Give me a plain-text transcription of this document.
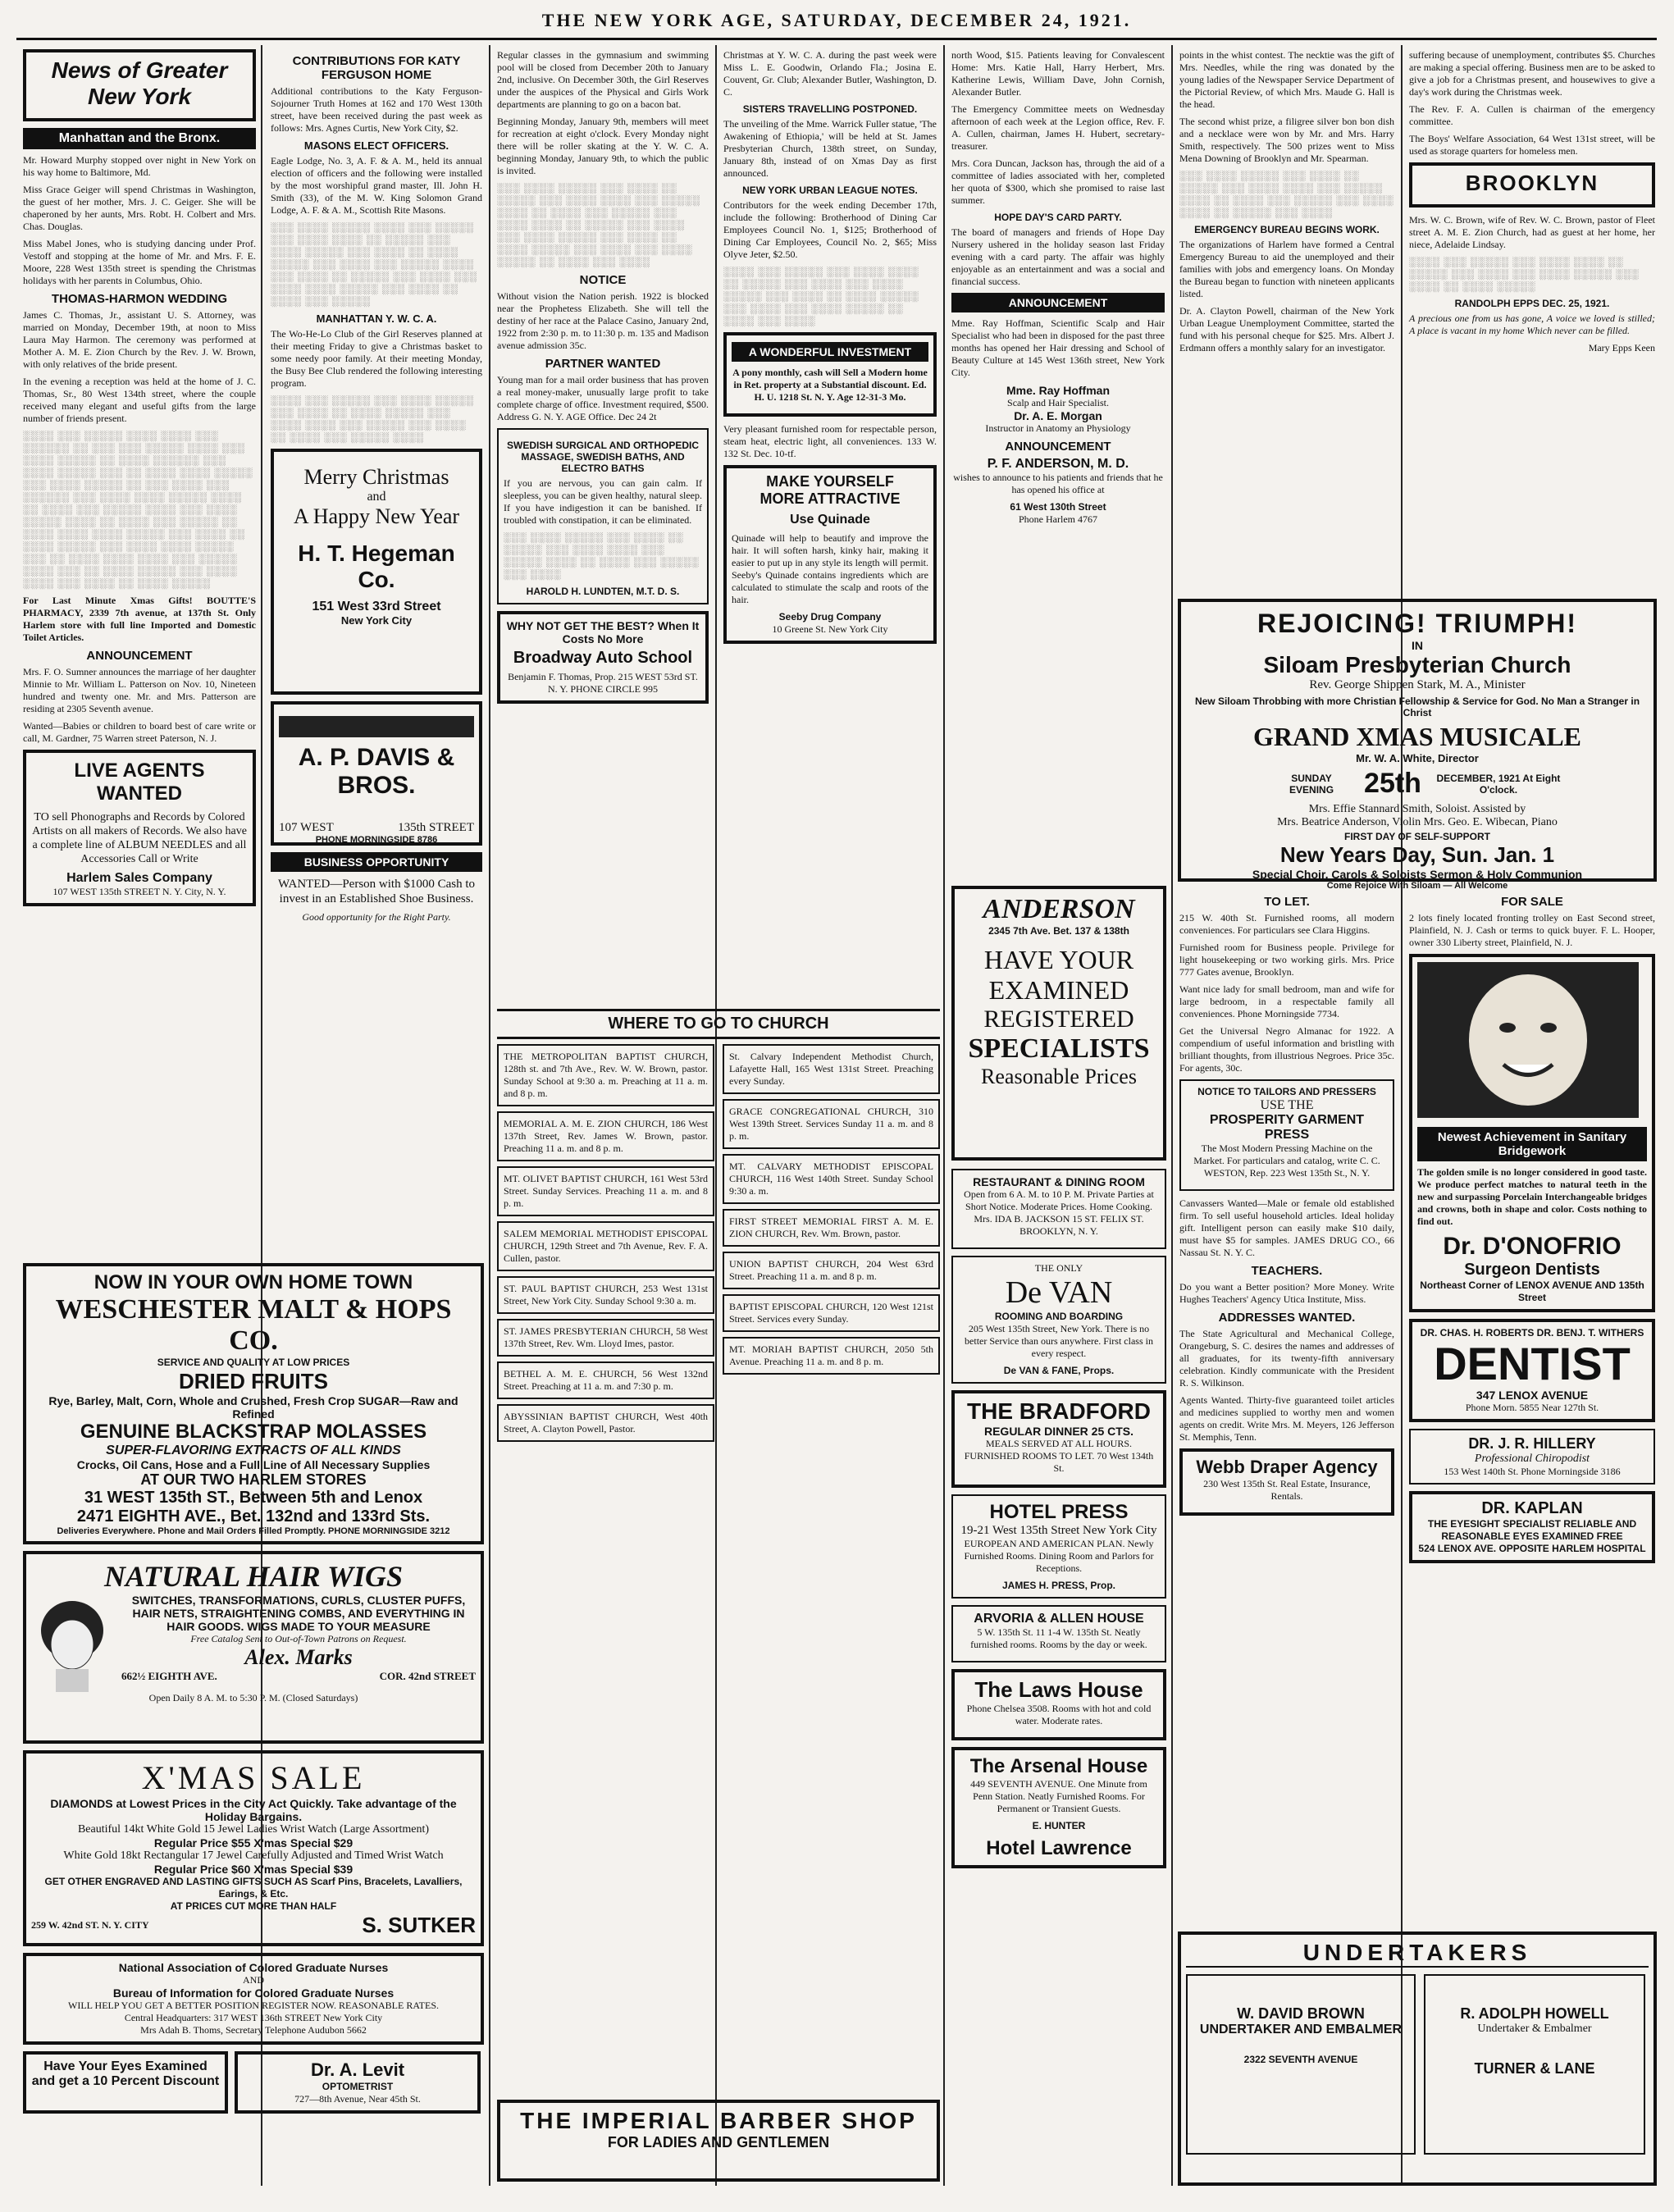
THE NEW YORK AGE, SATURDAY, DECEMBER 24, 1921.
News of Greater New York
Manhattan and the Bronx.

Mr. Howard Murphy stopped over night in New York on his way home to Baltimore, Md.

Miss Grace Geiger will spend Christmas in Washington, the guest of her mother, Mrs. J. C. Geiger. She will be chaperoned by her aunts, Mrs. Robt. H. Colbert and Mrs. Chas. Douglas.

Miss Mabel Jones, who is studying dancing under Prof. Vestoff and stopping at the home of Mr. and Mrs. F. E. Moore, 228 West 135th street is spending the Christmas holidays with her parents in Columbus, Ohio.

THOMAS-HARMON WEDDING

James C. Thomas, Jr., assistant U. S. Attorney, was married on Monday, December 19th, at noon to Miss Laura May Harmon. The ceremony was performed at Mother A. M. E. Zion Church by the Rev. J. W. Brown, with only relatives of the bride present.

In the evening a reception was held at the home of J. C. Thomas, Sr., 80 West 134th street, where the couple received many elegant and useful gifts from the large number of friends present.

░░░░ ░░░ ░░░░░ ░░░░ ░░░░ ░░░ ░░░░░░ ░░ ░░░ ░░░ ░░░░░ ░░░░ ░░░ ░░░░ ░░░░░ ░░ ░░░░ ░░░░░░ ░░░ ░░░░ ░░░░░ ░░░ ░░ ░░░░ ░░░░ ░░░░░ ░░░ ░░░░ ░░░░░ ░░ ░░░ ░░░░ ░░░ ░░░░░░ ░░░ ░░░░ ░░░░ ░░░░░ ░░░░ ░░ ░░░░ ░░░ ░░░░░ ░░░░ ░░░ ░░░░ ░░░░░ ░░░░ ░░ ░░░░ ░░░ ░░░░░ ░░ ░░░░ ░░░░ ░░░░ ░░░░░ ░░░ ░░░░ ░░ ░░░░ ░░░░░ ░░░ ░░░░ ░░░░ ░░░░░ ░░░ ░░ ░░░░ ░░░░ ░░░░ ░░░ ░░░░░ ░░░░ ░░░ ░░ ░░░░ ░░░░░ ░░░ ░░░░ ░░░░ ░░░ ░░░░ ░░ ░░░░ ░░░░░

For Last Minute Xmas Gifts! BOUTTE'S PHARMACY, 2339 7th avenue, at 137th St. Only Harlem store with full line Imported and Domestic Toilet Articles.

ANNOUNCEMENT

Mrs. F. O. Sumner announces the marriage of her daughter Minnie to Mr. William L. Patterson on Nov. 10, Nineteen hundred and twenty one. Mr. and Mrs. Patterson are residing at 2305 Seventh avenue.

Wanted—Babies or children to board best of care write or call, M. Gardner, 75 Warren street Paterson, N. J.

LIVE AGENTS WANTED

TO sell Phonographs and Records by Colored Artists on all makers of Records. We also have a complete line of ALBUM NEEDLES and all Accessories Call or Write

Harlem Sales Company
107 WEST 135th STREET N. Y. City, N. Y.
CONTRIBUTIONS FOR KATY FERGUSON HOME

Additional contributions to the Katy Ferguson-Sojourner Truth Homes at 162 and 170 West 130th street, have been received during the past week as follows: Mrs. Agnes Curtis, New York City, $2.

MASONS ELECT OFFICERS.

Eagle Lodge, No. 3, A. F. & A. M., held its annual election of officers and the following were installed by the most worshipful grand master, Ill. John H. Smith (33), of the M. W. King Solomon Grand Lodge, A. F. & A. M., Scottish Rite Masons.

░░░ ░░░░ ░░░░░ ░░░░ ░░░ ░░░░░ ░░░ ░░░░ ░░░░ ░░ ░░░░░ ░░░ ░░░░ ░░░░░ ░░░ ░░░░ ░░ ░░░░ ░░░░░ ░░░ ░░░░ ░░░ ░░░░░ ░░░░ ░░░ ░░░░ ░░ ░░░░░ ░░░ ░░░░ ░░░ ░░░░ ░░░░ ░░░░░ ░░░ ░░░░ ░░ ░░░░ ░░░ ░░░░░
MANHATTAN Y. W. C. A.

The Wo-He-Lo Club of the Girl Reserves planned at their meeting Friday to give a Christmas basket to some needy poor family. At their meeting Monday, the Busy Bee Club rendered the following interesting program.

░░░░ ░░░ ░░░░░ ░░░ ░░░░ ░░░░░ ░░░ ░░░░ ░░ ░░░░ ░░░░░ ░░░ ░░░░ ░░░░ ░░░ ░░░░░ ░░░ ░░░░ ░░ ░░░░ ░░░ ░░░░░ ░░░░
Merry Christmas
and
A Happy New Year
H. T. Hegeman Co.
151 West 33rd Street
New York City
A. P. DAVIS & BROS.
107 WEST	135th STREET
PHONE MORNINGSIDE 8786
BUSINESS OPPORTUNITY

WANTED—Person with $1000 Cash to invest in an Established Shoe Business.

Good opportunity for the Right Party.

Regular classes in the gymnasium and swimming pool will be closed from December 20th to January 2nd, inclusive. On December 30th, the Girl Reserves under the auspices of the Physical and Girls Work departments are planning to go on a bacon bat.

Beginning Monday, January 9th, members will meet for recreation at eight o'clock. Every Monday night there will be roller skating at the Y. W. C. A. beginning Monday, January 9th, to which the public is invited.

░░░ ░░░░ ░░░░░ ░░░ ░░░░ ░░ ░░░░░ ░░░ ░░░░ ░░░░ ░░░ ░░░░░ ░░░░ ░░ ░░░░ ░░░ ░░░░░ ░░░ ░░░░ ░░░░ ░░ ░░░░░ ░░░ ░░░░ ░░░ ░░░░ ░░░░░ ░░░ ░░░░ ░░ ░░░░ ░░░░░ ░░░ ░░░░ ░░░ ░░░░ ░░░░░ ░░ ░░░░ ░░░ ░░░░
NOTICE

Without vision the Nation perish. 1922 is blocked near the Prophetess Elizabeth. She will tell the destiny of her race at the Palace Casino, January 2nd, 1922 from 2:30 p. m. to 11:30 p. m. 135 and Madison avenue admission 35c.

PARTNER WANTED

Young man for a mail order business that has proven a real money-maker, unusually large profit to take complete charge of office. Investment required, $500. Address G. N. Y. AGE Office. Dec 24 2t

SWEDISH SURGICAL AND ORTHOPEDIC MASSAGE, SWEDISH BATHS, AND ELECTRO BATHS

If you are nervous, you can gain calm. If sleepless, you can be given healthy, natural sleep. If you have indigestion it can be banished. If troubled with constipation, it can be eliminated.

░░░ ░░░░ ░░░░░ ░░░ ░░░░ ░░ ░░░░░ ░░░ ░░░░ ░░░░ ░░░ ░░░░░ ░░░░ ░░ ░░░░ ░░░ ░░░░░ ░░░ ░░░░
HAROLD H. LUNDTEN, M.T. D. S.
WHY NOT GET THE BEST? When It Costs No More
Broadway Auto School
Benjamin F. Thomas, Prop. 215 WEST 53rd ST. N. Y. PHONE CIRCLE 995

Christmas at Y. W. C. A. during the past week were Miss L. E. Goodwin, Orlando Fla.; Josina E. Couvent, Gr. Club; Alexander Butler, Washington, D. C.

SISTERS TRAVELLING POSTPONED.

The unveiling of the Mme. Warrick Fuller statue, 'The Awakening of Ethiopia,' will be held at St. James Presbyterian Church, 138th street, on Sunday, January 8th, instead of on Xmas Day as first announced.

NEW YORK URBAN LEAGUE NOTES.

Contributors for the week ending December 17th, include the following: Brotherhood of Dining Car Employees Council No. 1, $125; Brotherhood of Dining Car Employees, Council No. 2, $65; Miss Olyve Jeter, $2.50.

░░░░ ░░░ ░░░░░ ░░░ ░░░░ ░░░░ ░░ ░░░░░ ░░░ ░░░░ ░░░ ░░░░ ░░░░░ ░░░ ░░░░ ░░ ░░░░ ░░░░░ ░░░ ░░░░ ░░░ ░░░░ ░░░░░ ░░ ░░░░ ░░░ ░░░░
A WONDERFUL INVESTMENT

A pony monthly, cash will Sell a Modern home in Ret. property at a Substantial discount. Ed. H. U. 1218 St. N. Y. Age 12-31-3 Mo.

Very pleasant furnished room for respectable person, steam heat, electric light, all conveniences. 133 W. 132 St. Dec. 10-tf.

MAKE YOURSELF
MORE ATTRACTIVE
Use Quinade

Quinade will help to beautify and improve the hair. It will soften harsh, kinky hair, making it easier to put up in any style its length will permit. Seeby's Quinade contains ingredients which are calculated to stimulate the scalp and roots of the hair.

Seeby Drug Company
10 Greene St. New York City

north Wood, $15. Patients leaving for Convalescent Home: Mrs. Katie Hall, Harry Herbert, Mrs. Katherine Lewis, William Dave, John Cornish, Alexander Butler.

The Emergency Committee meets on Wednesday afternoon of each week at the Legion office, Rev. F. A. Cullen, chairman, James H. Hubert, secretary-treasurer.

Mrs. Cora Duncan, Jackson has, through the aid of a committee of ladies associated with her, completed her quota of $300, which she promised to raise last summer.

HOPE DAY'S CARD PARTY.

The board of managers and friends of Hope Day Nursery ushered in the holiday season last Friday evening with a card party. The affair was highly enjoyable as an entertainment and was a social and financial success.

ANNOUNCEMENT

Mme. Ray Hoffman, Scientific Scalp and Hair Specialist who had been in disposed for the past three months has opened her Hair dressing and School of Beauty Culture at 145 West 136th street, New York City.

Mme. Ray Hoffman
Scalp and Hair Specialist.
Dr. A. E. Morgan
Instructor in Anatomy an Physiology
ANNOUNCEMENT
P. F. ANDERSON, M. D.

wishes to announce to his patients and friends that he has opened his office at

61 West 130th Street
Phone Harlem 4767

points in the whist contest. The necktie was the gift of Mrs. Needles, while the ring was donated by the young ladies of the Newspaper Service Department of the Pictorial Review, of which Mrs. Maude G. Hall is the head.

The second whist prize, a filigree silver bon bon dish and a necklace were won by Mr. and Mrs. Harry Smith, respectively. The 500 prizes went to Miss Mena Downing of Brooklyn and Mr. Spearman.

░░░ ░░░░ ░░░░░ ░░░ ░░░░ ░░ ░░░░░ ░░░ ░░░░ ░░░░ ░░░ ░░░░░ ░░░░ ░░ ░░░░ ░░░ ░░░░░ ░░░ ░░░░ ░░░░ ░░ ░░░░░ ░░░ ░░░░
EMERGENCY BUREAU BEGINS WORK.

The organizations of Harlem have formed a Central Emergency Bureau to aid the unemployed and their families with jobs and emergency loans. On Monday the Bureau began to function with nineteen applicants listed.

Dr. A. Clayton Powell, chairman of the New York Urban League Unemployment Committee, started the fund with his personal cheque for $25. Mrs. Albert J. Erdmann offers a monthly salary for an investigator.

suffering because of unemployment, contributes $5. Churches are making a special offering. Business men are to be asked to give a job for a Christmas present, and housewives to give a day's work during the Christmas week.

The Rev. F. A. Cullen is chairman of the emergency committee.

The Boys' Welfare Association, 64 West 131st street, will be used as storage quarters for homeless men.

BROOKLYN

Mrs. W. C. Brown, wife of Rev. W. C. Brown, pastor of Fleet street A. M. E. Zion Church, had as guest at her home, her niece, Adelaide Lindsay.

░░░░ ░░░ ░░░░░ ░░░ ░░░░ ░░░░ ░░ ░░░░░ ░░░ ░░░░ ░░░ ░░░░ ░░░░░ ░░░ ░░░░ ░░ ░░░░ ░░░░░
RANDOLPH EPPS DEC. 25, 1921.

A precious one from us has gone, A voice we loved is stilled; A place is vacant in my home Which never can be filled.

Mary Epps Keen
REJOICING! TRIUMPH!
IN
Siloam Presbyterian Church
Rev. George Shippen Stark, M. A., Minister
New Siloam Throbbing with more Christian Fellowship & Service for God. No Man a Stranger in Christ
GRAND XMAS MUSICALE
Mr. W. A. White, Director
SUNDAY EVENING	25th	DECEMBER, 1921 At Eight O'clock.
Mrs. Effie Stannard Smith, Soloist. Assisted by
Mrs. Beatrice Anderson, Violin Mrs. Geo. E. Wibecan, Piano
FIRST DAY OF SELF-SUPPORT
New Years Day, Sun. Jan. 1
Special Choir, Carols & Soloists Sermon & Holy Communion
Come Rejoice With Siloam — All Welcome
ANDERSON
2345 7th Ave. Bet. 137 & 138th
HAVE YOUR
EXAMINED
REGISTERED
SPECIALISTS
Reasonable Prices
WHERE TO GO TO CHURCH

THE METROPOLITAN BAPTIST CHURCH, 128th st. and 7th Ave., Rev. W. W. Brown, pastor. Sunday School at 9:30 a. m. Preaching at 11 a. m. and 8 p. m.

MEMORIAL A. M. E. ZION CHURCH, 186 West 137th Street, Rev. James W. Brown, pastor. Preaching 11 a. m. and 8 p. m.

MT. OLIVET BAPTIST CHURCH, 161 West 53rd Street. Sunday Services. Preaching 11 a. m. and 8 p. m.

SALEM MEMORIAL METHODIST EPISCOPAL CHURCH, 129th Street and 7th Avenue, Rev. F. A. Cullen, pastor.

ST. PAUL BAPTIST CHURCH, 253 West 131st Street, New York City. Sunday School 9:30 a. m.

ST. JAMES PRESBYTERIAN CHURCH, 58 West 137th Street, Rev. Wm. Lloyd Imes, pastor.

BETHEL A. M. E. CHURCH, 56 West 132nd Street. Preaching at 11 a. m. and 7:30 p. m.

ABYSSINIAN BAPTIST CHURCH, West 40th Street, A. Clayton Powell, Pastor.

St. Calvary Independent Methodist Church, Lafayette Hall, 165 West 131st Street. Preaching every Sunday.

GRACE CONGREGATIONAL CHURCH, 310 West 139th Street. Services Sunday 11 a. m. and 8 p. m.

MT. CALVARY METHODIST EPISCOPAL CHURCH, 116 West 140th Street. Sunday School 9:30 a. m.

FIRST STREET MEMORIAL FIRST A. M. E. ZION CHURCH, Rev. Wm. Brown, pastor.

UNION BAPTIST CHURCH, 204 West 63rd Street. Preaching 11 a. m. and 8 p. m.

BAPTIST EPISCOPAL CHURCH, 120 West 121st Street. Services every Sunday.

MT. MORIAH BAPTIST CHURCH, 2050 5th Avenue. Preaching 11 a. m. and 8 p. m.

RESTAURANT & DINING ROOM

Open from 6 A. M. to 10 P. M. Private Parties at Short Notice. Moderate Prices. Home Cooking. Mrs. IDA B. JACKSON 15 ST. FELIX ST. BROOKLYN, N. Y.

THE ONLY
De VAN
ROOMING AND BOARDING

205 West 135th Street, New York. There is no better Service than ours anywhere. First class in every respect.

De VAN & FANE, Props.
THE BRADFORD
REGULAR DINNER 25 CTS.

MEALS SERVED AT ALL HOURS. FURNISHED ROOMS TO LET. 70 West 134th St.

HOTEL PRESS
19-21 West 135th Street New York City

EUROPEAN AND AMERICAN PLAN. Newly Furnished Rooms. Dining Room and Parlors for Receptions.

JAMES H. PRESS, Prop.
ARVORIA & ALLEN HOUSE

5 W. 135th St. 11 1-4 W. 135th St. Neatly furnished rooms. Rooms by the day or week.

The Laws House

Phone Chelsea 3508. Rooms with hot and cold water. Moderate rates.

The Arsenal House

449 SEVENTH AVENUE. One Minute from Penn Station. Neatly Furnished Rooms. For Permanent or Transient Guests.

E. HUNTER
Hotel Lawrence
TO LET.

215 W. 40th St. Furnished rooms, all modern conveniences. For particulars see Clara Higgins.

Furnished room for Business people. Privilege for light housekeeping or two working girls. Mrs. Price 777 Gates avenue, Brooklyn.

Want nice lady for small bedroom, man and wife for large bedroom, in a respectable family all conveniences. Phone Morningside 7734.

Get the Universal Negro Almanac for 1922. A compendium of useful information and bristling with brilliant thoughts, from illustrious Negroes. Price 35c. For agents, 30c.

NOTICE TO TAILORS AND PRESSERS
USE THE
PROSPERITY GARMENT PRESS

The Most Modern Pressing Machine on the Market. For particulars and catalog, write C. C. WESTON, Rep. 223 West 135th St., N. Y.

Canvassers Wanted—Male or female old established firm. To sell useful household articles. Ideal holiday gift. Intelligent person can easily make $10 daily, must have $5 for samples. JAMES DRUG CO., 66 Nassau St. N. Y. C.

TEACHERS.

Do you want a Better position? More Money. Write Hughes Teachers' Agency Utica Institute, Miss.

ADDRESSES WANTED.

The State Agricultural and Mechanical College, Orangeburg, S. C. desires the names and addresses of all graduates, for its twenty-fifth anniversary celebration. Kindly communicate with the President R. S. Wilkinson.

Agents Wanted. Thirty-five guaranteed toilet articles and medicines supplied to worthy men and women agents on credit. Write Mrs. M. Meyers, 126 Jefferson St. Memphis, Tenn.

Webb Draper Agency

230 West 135th St. Real Estate, Insurance, Rentals.

FOR SALE

2 lots finely located fronting trolley on East Second street, Plainfield, N. J. Cash or terms to quick buyer. F. L. Hooper, owner 330 Liberty street, Plainfield, N. J.

Newest Achievement in Sanitary Bridgework

The golden smile is no longer considered in good taste. We produce perfect matches to natural teeth in the new and surpassing Porcelain Interchangeable bridges and crowns, both in shape and color. Costs nothing to find out.

Dr. D'ONOFRIO
Surgeon Dentists
Northeast Corner of LENOX AVENUE AND 135th Street
DR. CHAS. H. ROBERTS DR. BENJ. T. WITHERS
DENTIST
347 LENOX AVENUE
Phone Morn. 5855 Near 127th St.
DR. J. R. HILLERY
Professional Chiropodist
153 West 140th St. Phone Morningside 3186
DR. KAPLAN
THE EYESIGHT SPECIALIST RELIABLE AND REASONABLE EYES EXAMINED FREE
524 LENOX AVE. OPPOSITE HARLEM HOSPITAL
UNDERTAKERS
W. DAVID BROWN
UNDERTAKER AND EMBALMER
2322 SEVENTH AVENUE
R. ADOLPH HOWELL
Undertaker & Embalmer
TURNER & LANE
NOW IN YOUR OWN HOME TOWN
WESCHESTER MALT & HOPS CO.
SERVICE AND QUALITY AT LOW PRICES
DRIED FRUITS
Rye, Barley, Malt, Corn, Whole and Crushed, Fresh Crop SUGAR—Raw and Refined
GENUINE BLACKSTRAP MOLASSES
SUPER-FLAVORING EXTRACTS OF ALL KINDS
Crocks, Oil Cans, Hose and a Full Line of All Necessary Supplies
AT OUR TWO HARLEM STORES
31 WEST 135th ST., Between 5th and Lenox
2471 EIGHTH AVE., Bet. 132nd and 133rd Sts.
Deliveries Everywhere. Phone and Mail Orders Filled Promptly. PHONE MORNINGSIDE 3212
NATURAL HAIR WIGS
SWITCHES, TRANSFORMATIONS, CURLS, CLUSTER PUFFS, HAIR NETS, STRAIGHTENING COMBS, AND EVERYTHING IN HAIR GOODS. WIGS MADE TO YOUR MEASURE
Free Catalog Sent to Out-of-Town Patrons on Request.
Alex. Marks
662½ EIGHTH AVE.	COR. 42nd STREET
Open Daily 8 A. M. to 5:30 P. M. (Closed Saturdays)
X'MAS SALE
DIAMONDS at Lowest Prices in the City Act Quickly. Take advantage of the Holiday Bargains.
Beautiful 14kt White Gold 15 Jewel Ladies Wrist Watch (Large Assortment)
Regular Price $55 X'mas Special $29
White Gold 18kt Rectangular 17 Jewel Carefully Adjusted and Timed Wrist Watch
Regular Price $60 X'mas Special $39
GET OTHER ENGRAVED AND LASTING GIFTS SUCH AS Scarf Pins, Bracelets, Lavalliers, Earings, & Etc.
AT PRICES CUT MORE THAN HALF
259 W. 42nd ST. N. Y. CITY	S. SUTKER
National Association of Colored Graduate Nurses
AND
Bureau of Information for Colored Graduate Nurses
WILL HELP YOU GET A BETTER POSITION REGISTER NOW. REASONABLE RATES.
Central Headquarters: 317 WEST 136th STREET New York City
Mrs Adah B. Thoms, Secretary Telephone Audubon 5662
Have Your Eyes Examined and get a 10 Percent Discount
Dr. A. Levit
OPTOMETRIST
727—8th Avenue, Near 45th St.
THE IMPERIAL BARBER SHOP
FOR LADIES AND GENTLEMEN
